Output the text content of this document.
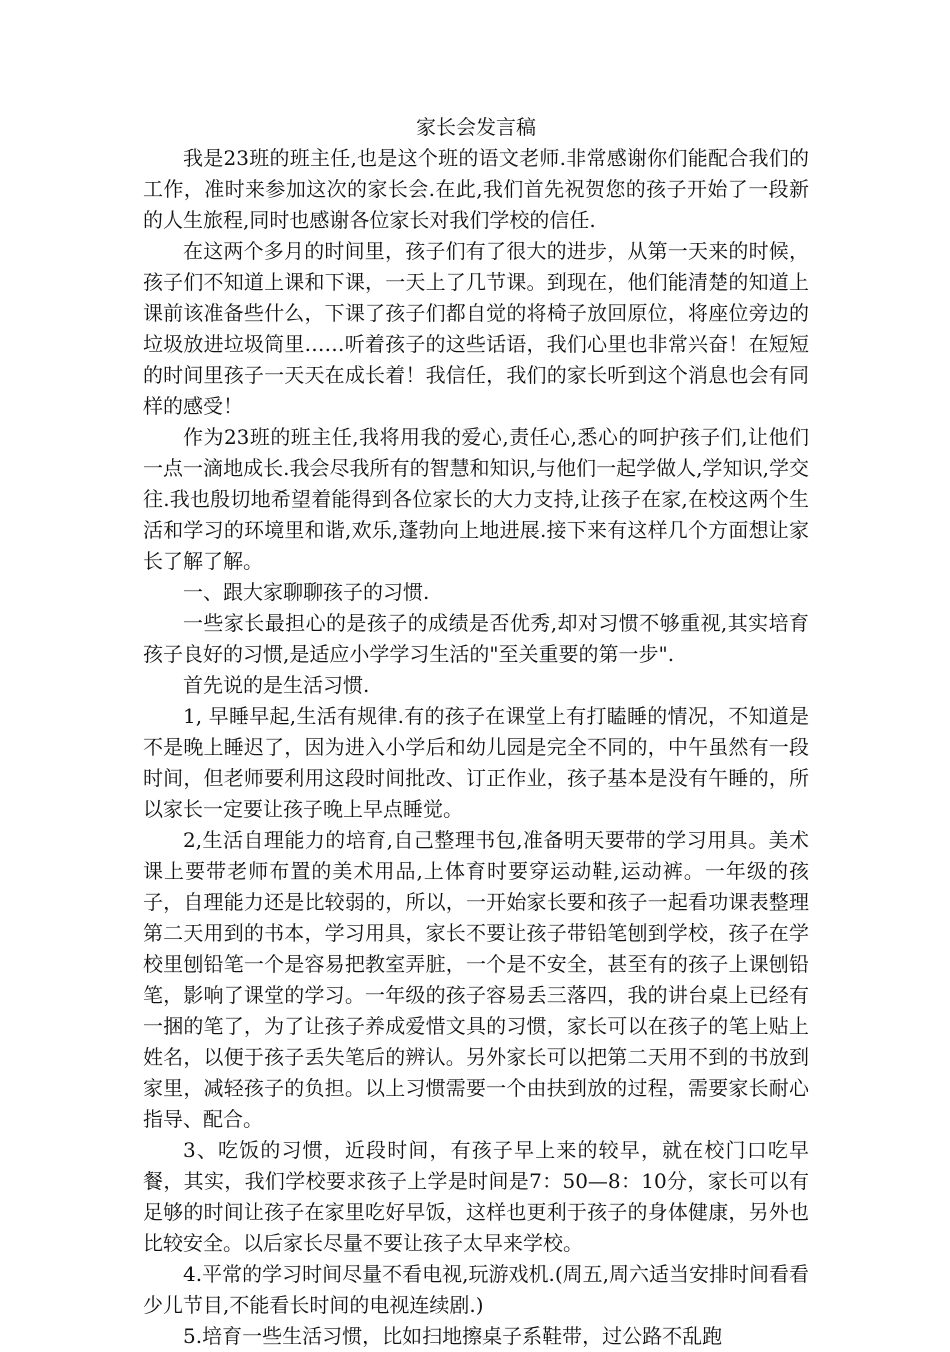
家长会发言稿

我是23班的班主任,也是这个班的语文老师.非常感谢你们能配合我们的工作，准时来参加这次的家长会.在此,我们首先祝贺您的孩子开始了一段新的人生旅程,同时也感谢各位家长对我们学校的信任.

在这两个多月的时间里，孩子们有了很大的进步，从第一天来的时候，孩子们不知道上课和下课，一天上了几节课。到现在，他们能清楚的知道上课前该准备些什么，下课了孩子们都自觉的将椅子放回原位，将座位旁边的垃圾放进垃圾筒里……听着孩子的这些话语，我们心里也非常兴奋！在短短的时间里孩子一天天在成长着！我信任，我们的家长听到这个消息也会有同样的感受！

作为23班的班主任,我将用我的爱心,责任心,悉心的呵护孩子们,让他们一点一滴地成长.我会尽我所有的智慧和知识,与他们一起学做人,学知识,学交往.我也殷切地希望着能得到各位家长的大力支持,让孩子在家,在校这两个生活和学习的环境里和谐,欢乐,蓬勃向上地进展.接下来有这样几个方面想让家长了解了解。

一、跟大家聊聊孩子的习惯.

一些家长最担心的是孩子的成绩是否优秀,却对习惯不够重视,其实培育孩子良好的习惯,是适应小学学习生活的"至关重要的第一步".

首先说的是生活习惯.

1, 早睡早起,生活有规律.有的孩子在课堂上有打瞌睡的情况，不知道是不是晚上睡迟了，因为进入小学后和幼儿园是完全不同的，中午虽然有一段时间，但老师要利用这段时间批改、订正作业，孩子基本是没有午睡的，所以家长一定要让孩子晚上早点睡觉。

2,生活自理能力的培育,自己整理书包,准备明天要带的学习用具。美术课上要带老师布置的美术用品,上体育时要穿运动鞋,运动裤。一年级的孩子，自理能力还是比较弱的，所以，一开始家长要和孩子一起看功课表整理第二天用到的书本，学习用具，家长不要让孩子带铅笔刨到学校，孩子在学校里刨铅笔一个是容易把教室弄脏，一个是不安全，甚至有的孩子上课刨铅笔，影响了课堂的学习。一年级的孩子容易丢三落四，我的讲台桌上已经有一捆的笔了，为了让孩子养成爱惜文具的习惯，家长可以在孩子的笔上贴上姓名，以便于孩子丢失笔后的辨认。另外家长可以把第二天用不到的书放到家里，减轻孩子的负担。以上习惯需要一个由扶到放的过程，需要家长耐心指导、配合。

3、吃饭的习惯，近段时间，有孩子早上来的较早，就在校门口吃早餐，其实，我们学校要求孩子上学是时间是7：50—8：10分，家长可以有足够的时间让孩子在家里吃好早饭，这样也更利于孩子的身体健康，另外也比较安全。以后家长尽量不要让孩子太早来学校。

4.平常的学习时间尽量不看电视,玩游戏机.(周五,周六适当安排时间看看少儿节目,不能看长时间的电视连续剧.)

5.培育一些生活习惯，比如扫地擦桌子系鞋带，过公路不乱跑
